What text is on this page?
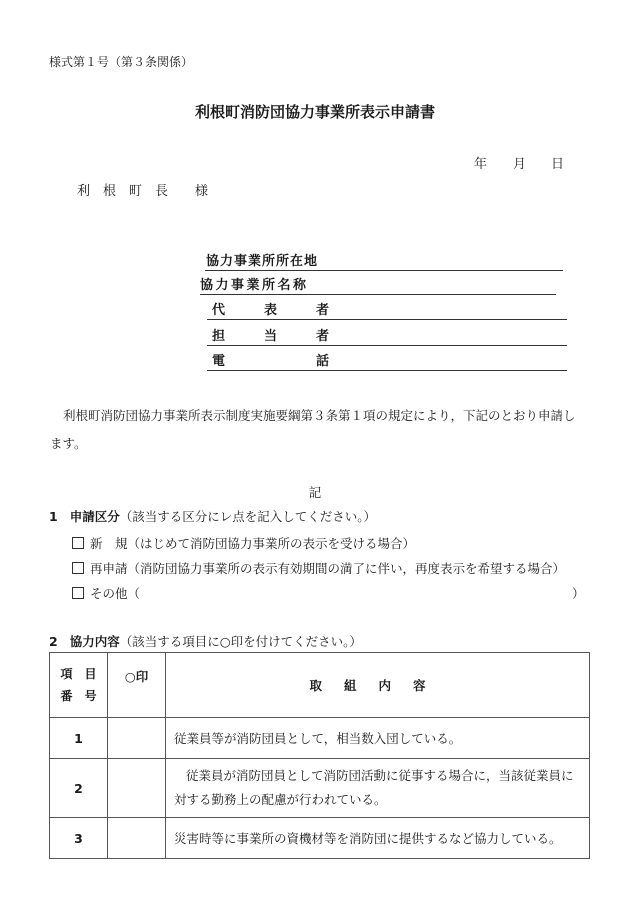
様式第１号（第３条関係）
利根町消防団協力事業所表示申請書
年 月 日
利　根　町　長 様
協力事業所所在地
協力事業所名称
代	表	者
担	当	者
電	話
利根町消防団協力事業所表示制度実施要綱第３条第１項の規定により，下記のとおり申請します。
記
1 申請区分（該当する区分にレ点を記入してください。）
新　規（はじめて消防団協力事業所の表示を受ける場合）
再申請（消防団協力事業所の表示有効期間の満了に伴い，再度表示を希望する場合）
その他（	）
2 協力内容（該当する項目に○印を付けてください。）
項　目
番　号	○印	取組内容
1		従業員等が消防団員として，相当数入団している。
2		従業員が消防団員として消防団活動に従事する場合に，当該従業員に対する勤務上の配慮が行われている。
3		災害時等に事業所の資機材等を消防団に提供するなど協力している。
